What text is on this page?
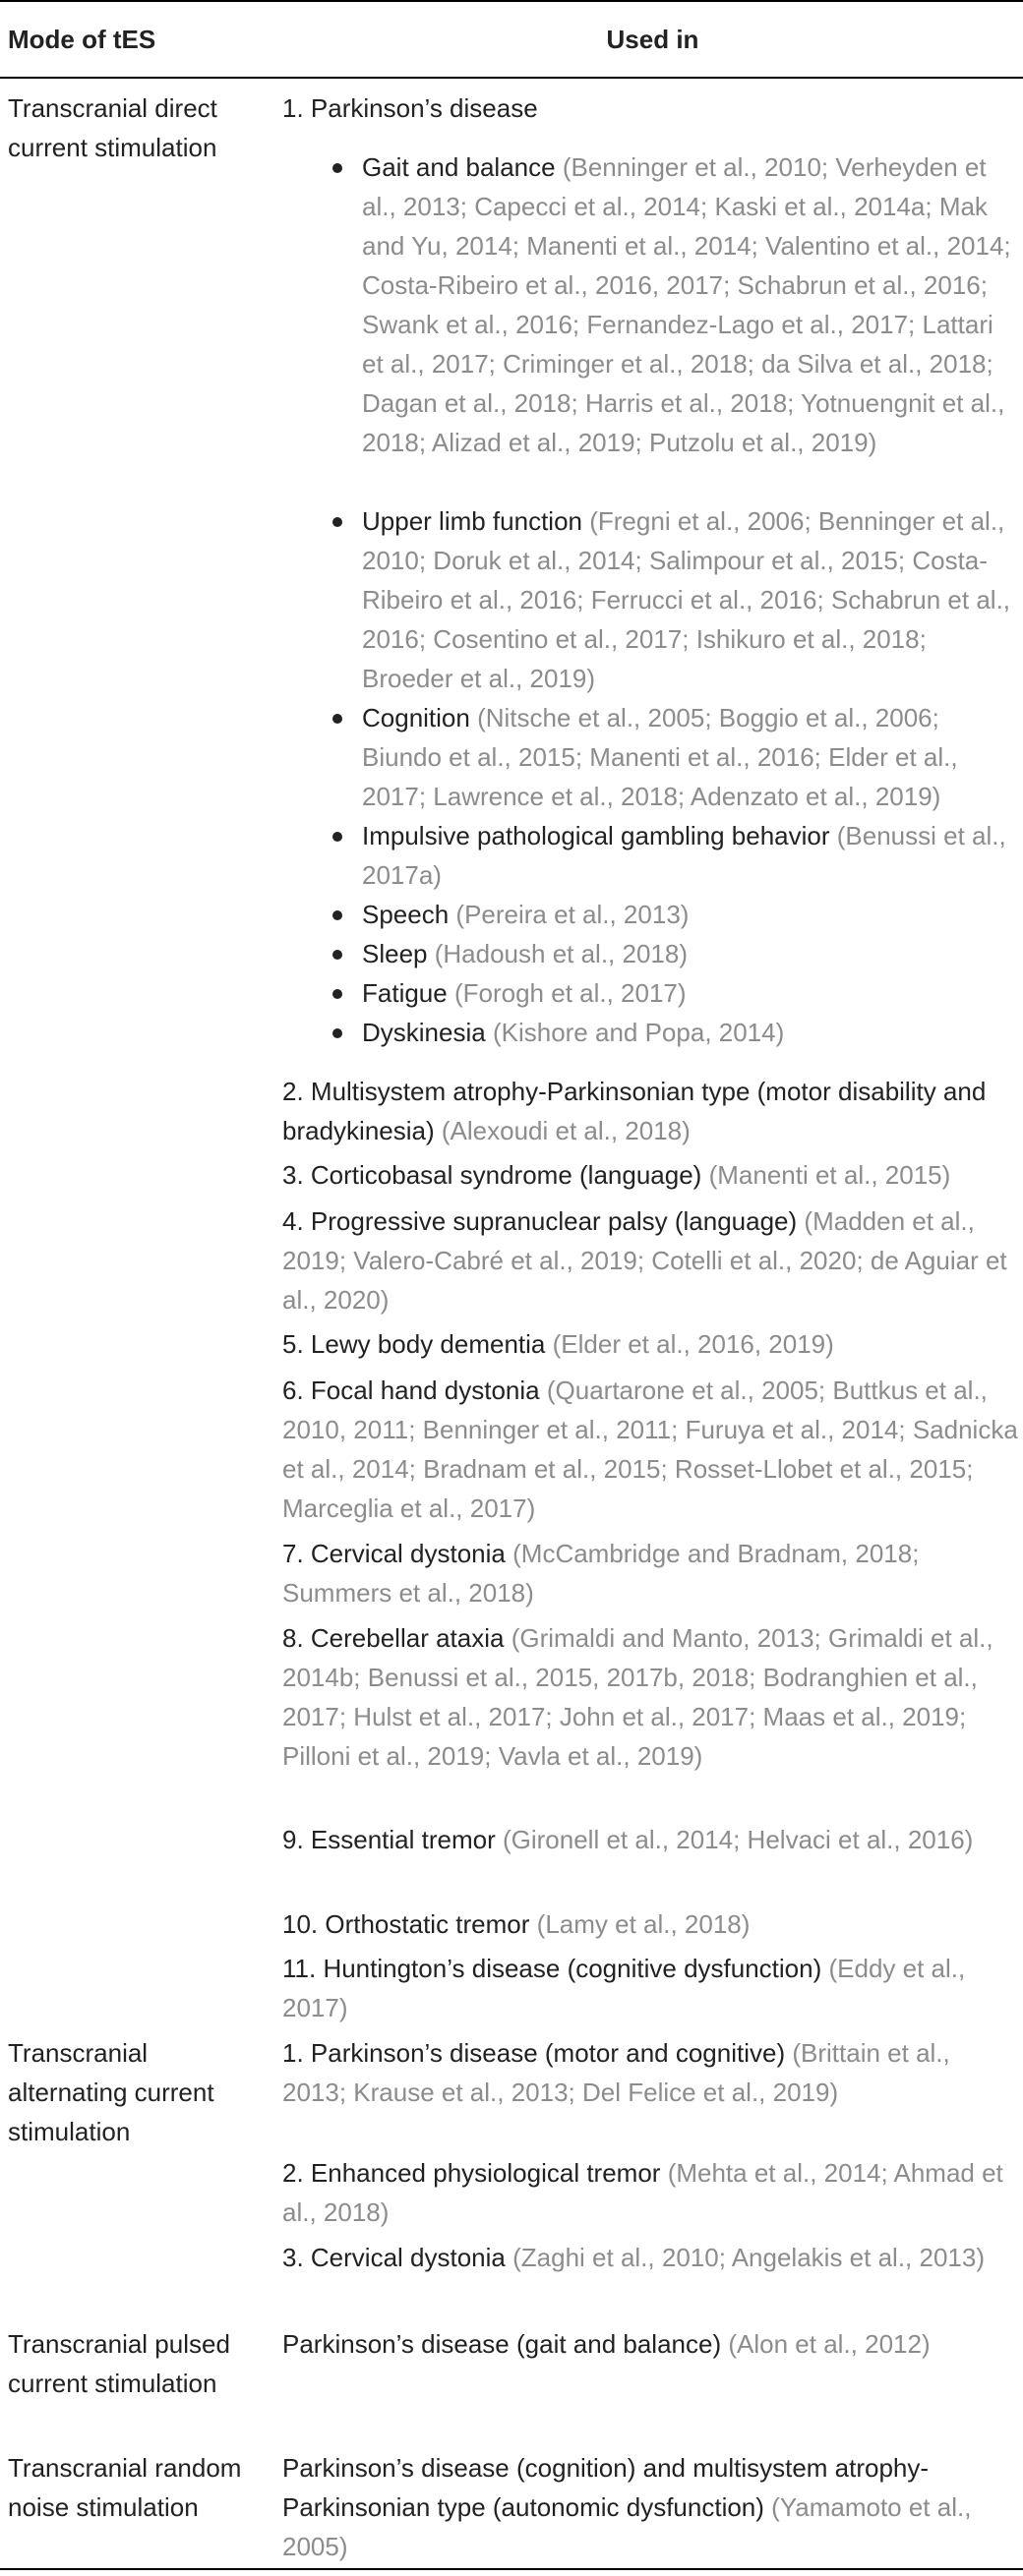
Mode of tES	Used in
Transcranial direct current stimulation
1. Parkinson’s disease
Gait and balance (Benninger et al., 2010; Verheyden et al., 2013; Capecci et al., 2014; Kaski et al., 2014a; Mak and Yu, 2014; Manenti et al., 2014; Valentino et al., 2014; Costa-Ribeiro et al., 2016, 2017; Schabrun et al., 2016; Swank et al., 2016; Fernandez-Lago et al., 2017; Lattari et al., 2017; Criminger et al., 2018; da Silva et al., 2018; Dagan et al., 2018; Harris et al., 2018; Yotnuengnit et al., 2018; Alizad et al., 2019; Putzolu et al., 2019)
Upper limb function (Fregni et al., 2006; Benninger et al., 2010; Doruk et al., 2014; Salimpour et al., 2015; Costa-Ribeiro et al., 2016; Ferrucci et al., 2016; Schabrun et al., 2016; Cosentino et al., 2017; Ishikuro et al., 2018; Broeder et al., 2019)
Cognition (Nitsche et al., 2005; Boggio et al., 2006; Biundo et al., 2015; Manenti et al., 2016; Elder et al., 2017; Lawrence et al., 2018; Adenzato et al., 2019)
Impulsive pathological gambling behavior (Benussi et al., 2017a)
Speech (Pereira et al., 2013)
Sleep (Hadoush et al., 2018)
Fatigue (Forogh et al., 2017)
Dyskinesia (Kishore and Popa, 2014)
2. Multisystem atrophy-Parkinsonian type (motor disability and bradykinesia) (Alexoudi et al., 2018)
3. Corticobasal syndrome (language) (Manenti et al., 2015)
4. Progressive supranuclear palsy (language) (Madden et al., 2019; Valero-Cabré et al., 2019; Cotelli et al., 2020; de Aguiar et al., 2020)
5. Lewy body dementia (Elder et al., 2016, 2019)
6. Focal hand dystonia (Quartarone et al., 2005; Buttkus et al., 2010, 2011; Benninger et al., 2011; Furuya et al., 2014; Sadnicka et al., 2014; Bradnam et al., 2015; Rosset-Llobet et al., 2015; Marceglia et al., 2017)
7. Cervical dystonia (McCambridge and Bradnam, 2018; Summers et al., 2018)
8. Cerebellar ataxia (Grimaldi and Manto, 2013; Grimaldi et al., 2014b; Benussi et al., 2015, 2017b, 2018; Bodranghien et al., 2017; Hulst et al., 2017; John et al., 2017; Maas et al., 2019; Pilloni et al., 2019; Vavla et al., 2019)
9. Essential tremor (Gironell et al., 2014; Helvaci et al., 2016)
10. Orthostatic tremor (Lamy et al., 2018)
11. Huntington’s disease (cognitive dysfunction) (Eddy et al., 2017)
Transcranial alternating current stimulation
1. Parkinson’s disease (motor and cognitive) (Brittain et al., 2013; Krause et al., 2013; Del Felice et al., 2019)
2. Enhanced physiological tremor (Mehta et al., 2014; Ahmad et al., 2018)
3. Cervical dystonia (Zaghi et al., 2010; Angelakis et al., 2013)
Transcranial pulsed current stimulation
Parkinson’s disease (gait and balance) (Alon et al., 2012)
Transcranial random noise stimulation
Parkinson’s disease (cognition) and multisystem atrophy-Parkinsonian type (autonomic dysfunction) (Yamamoto et al., 2005)
